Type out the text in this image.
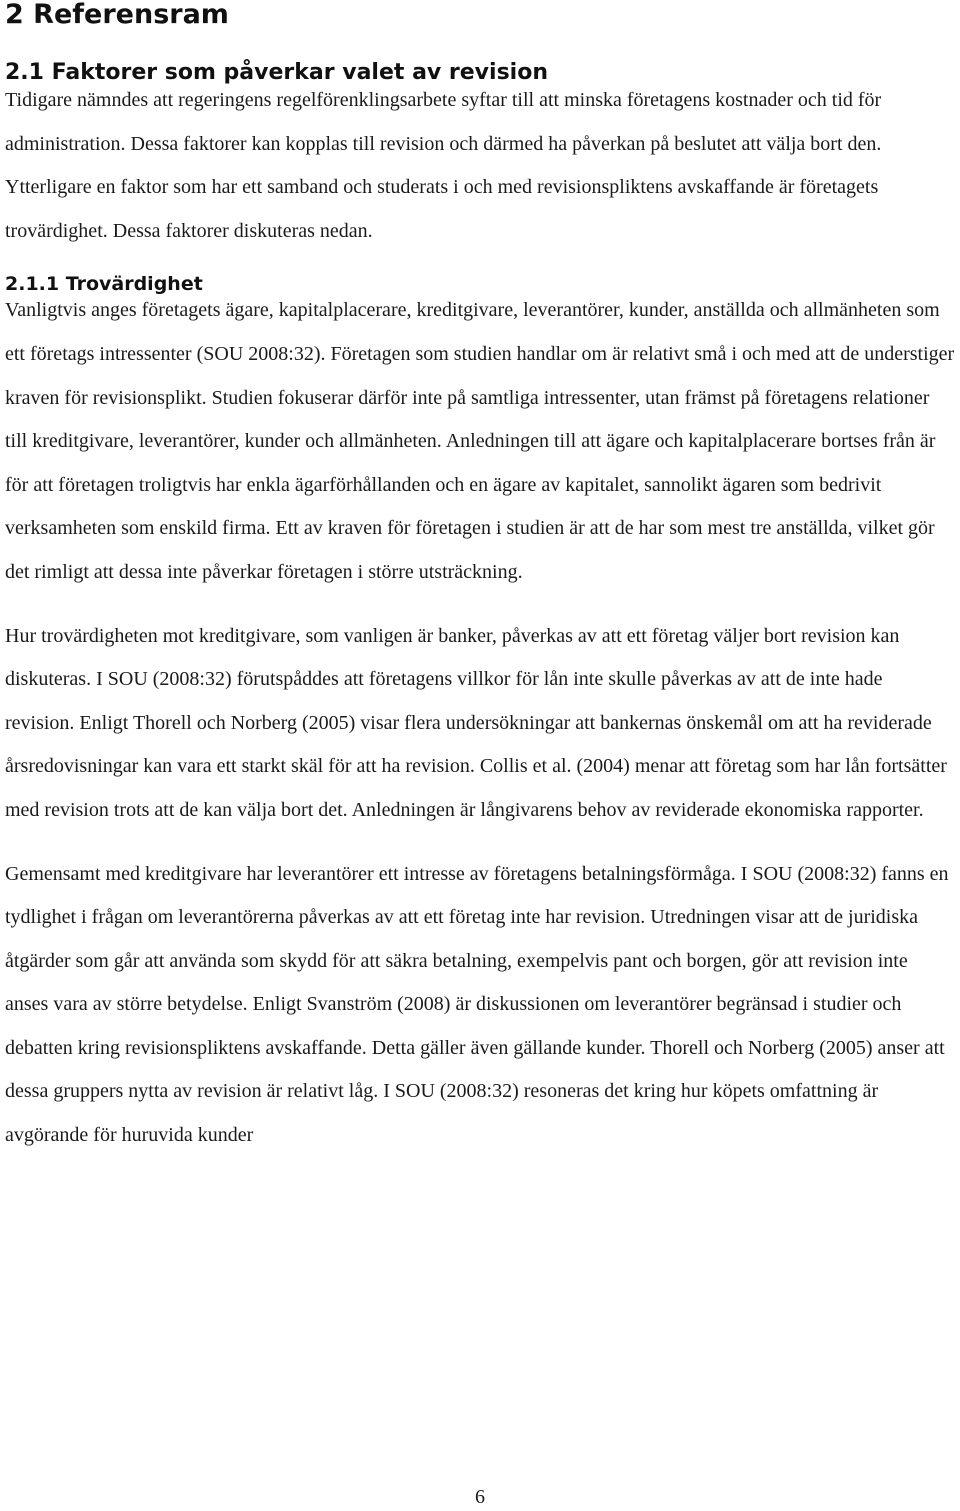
2 Referensram
2.1 Faktorer som påverkar valet av revision

Tidigare nämndes att regeringens regelförenklingsarbete syftar till att minska företagens kostnader och tid för administration. Dessa faktorer kan kopplas till revision och därmed ha påverkan på beslutet att välja bort den. Ytterligare en faktor som har ett samband och studerats i och med revisionspliktens avskaffande är företagets trovärdighet. Dessa faktorer diskuteras nedan.

2.1.1 Trovärdighet

Vanligtvis anges företagets ägare, kapitalplacerare, kreditgivare, leverantörer, kunder, anställda och allmänheten som ett företags intressenter (SOU 2008:32). Företagen som studien handlar om är relativt små i och med att de understiger kraven för revisionsplikt. Studien fokuserar därför inte på samtliga intressenter, utan främst på företagens relationer till kreditgivare, leverantörer, kunder och allmänheten. Anledningen till att ägare och kapitalplacerare bortses från är för att företagen troligtvis har enkla ägarförhållanden och en ägare av kapitalet, sannolikt ägaren som bedrivit verksamheten som enskild firma. Ett av kraven för företagen i studien är att de har som mest tre anställda, vilket gör det rimligt att dessa inte påverkar företagen i större utsträckning.

Hur trovärdigheten mot kreditgivare, som vanligen är banker, påverkas av att ett företag väljer bort revision kan diskuteras. I SOU (2008:32) förutspåddes att företagens villkor för lån inte skulle påverkas av att de inte hade revision. Enligt Thorell och Norberg (2005) visar flera undersökningar att bankernas önskemål om att ha reviderade årsredovisningar kan vara ett starkt skäl för att ha revision. Collis et al. (2004) menar att företag som har lån fortsätter med revision trots att de kan välja bort det. Anledningen är långivarens behov av reviderade ekonomiska rapporter.

Gemensamt med kreditgivare har leverantörer ett intresse av företagens betalningsförmåga. I SOU (2008:32) fanns en tydlighet i frågan om leverantörerna påverkas av att ett företag inte har revision. Utredningen visar att de juridiska åtgärder som går att använda som skydd för att säkra betalning, exempelvis pant och borgen, gör att revision inte anses vara av större betydelse. Enligt Svanström (2008) är diskussionen om leverantörer begränsad i studier och debatten kring revisionspliktens avskaffande. Detta gäller även gällande kunder. Thorell och Norberg (2005) anser att dessa gruppers nytta av revision är relativt låg. I SOU (2008:32) resoneras det kring hur köpets omfattning är avgörande för huruvida kunder

6
